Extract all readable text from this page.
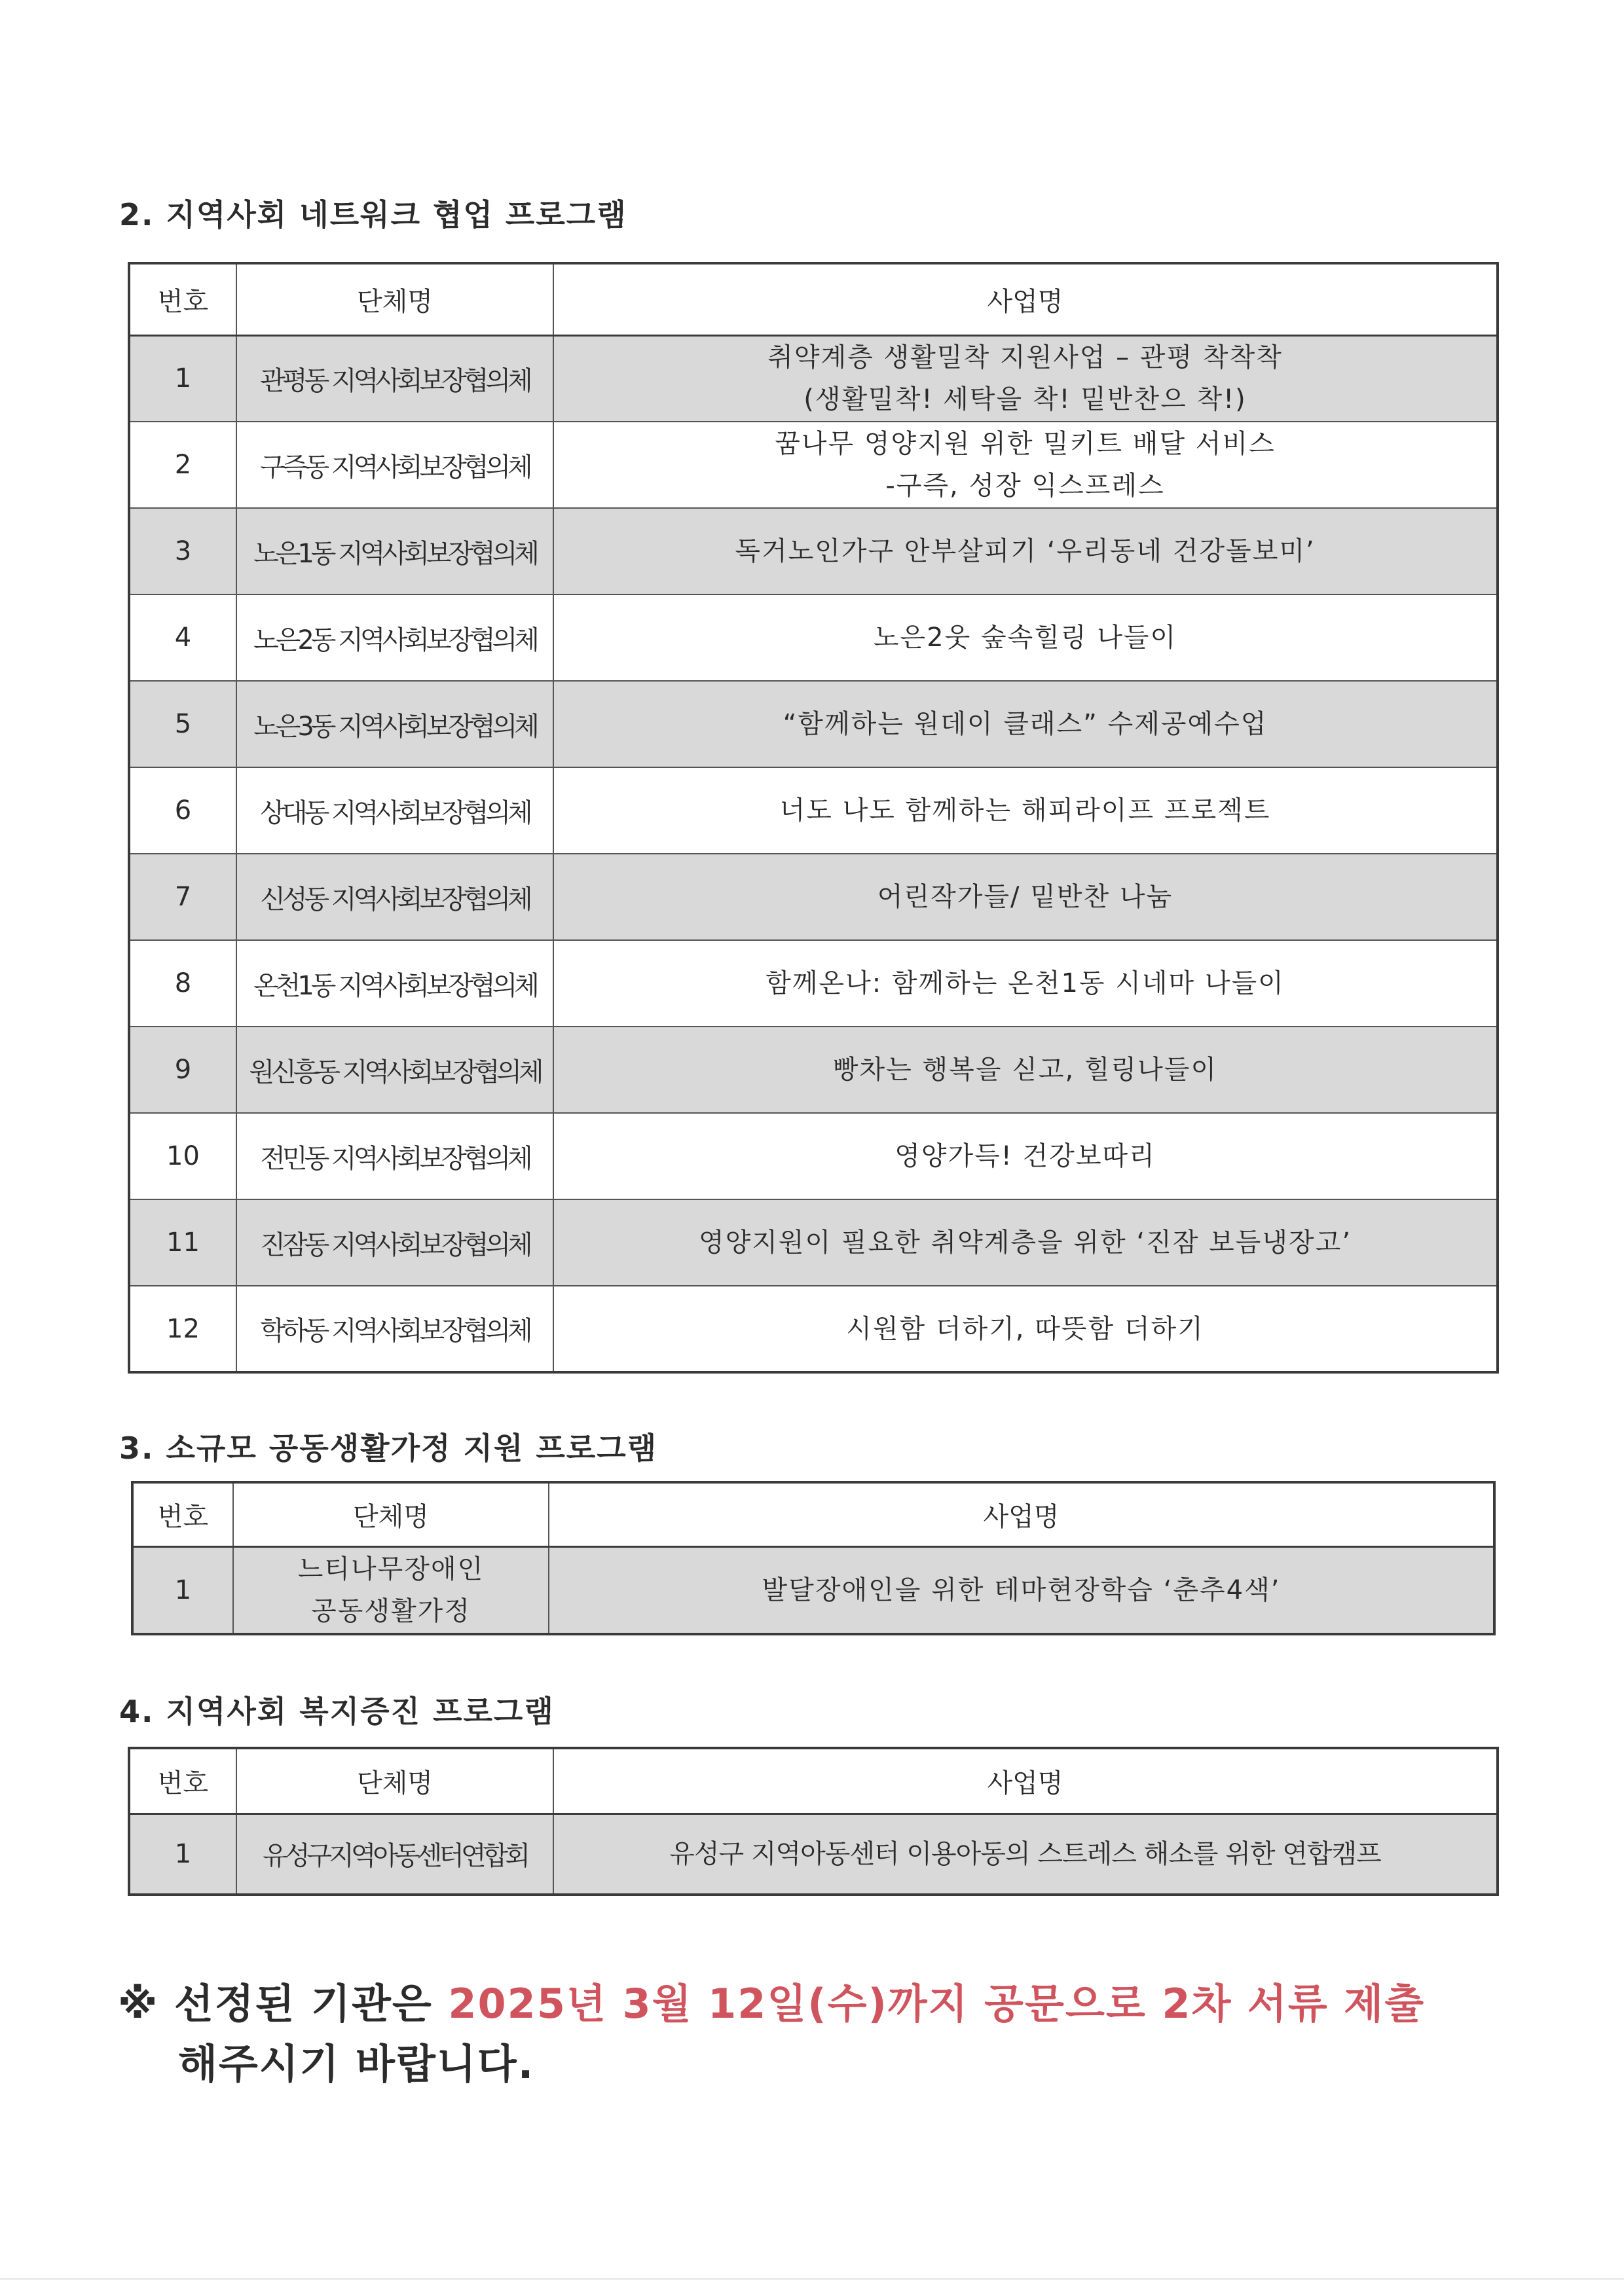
2. 지역사회 네트워크 협업 프로그램
번호	단체명	사업명
1	관평동 지역사회보장협의체	취약계층 생활밀착 지원사업 – 관평 착착착
(생활밀착! 세탁을 착! 밑반찬으 착!)

2	구즉동 지역사회보장협의체	꿈나무 영양지원 위한 밀키트 배달 서비스
-구즉, 성장 익스프레스

3	노은1동 지역사회보장협의체	독거노인가구 안부살피기 ‘우리동네 건강돌보미’

4	노은2동 지역사회보장협의체	노은2웃 숲속힐링 나들이

5	노은3동 지역사회보장협의체	“함께하는 원데이 클래스” 수제공예수업

6	상대동 지역사회보장협의체	너도 나도 함께하는 해피라이프 프로젝트

7	신성동 지역사회보장협의체	어린작가들/ 밑반찬 나눔

8	온천1동 지역사회보장협의체	함께온나: 함께하는 온천1동 시네마 나들이

9	원신흥동 지역사회보장협의체	빵차는 행복을 싣고, 힐링나들이

10	전민동 지역사회보장협의체	영양가득! 건강보따리

11	진잠동 지역사회보장협의체	영양지원이 필요한 취약계층을 위한 ‘진잠 보듬냉장고’

12	학하동 지역사회보장협의체	시원함 더하기, 따뜻함 더하기
3. 소규모 공동생활가정 지원 프로그램
번호	단체명	사업명
1	느티나무장애인
공동생활가정	발달장애인을 위한 테마현장학습 ‘춘추4색’
4. 지역사회 복지증진 프로그램
번호	단체명	사업명
1	유성구지역아동센터연합회	유성구 지역아동센터 이용아동의 스트레스 해소를 위한 연합캠프

※ 선정된 기관은 2025년 3월 12일(수)까지 공문으로 2차 서류 제출
해주시기 바랍니다.
